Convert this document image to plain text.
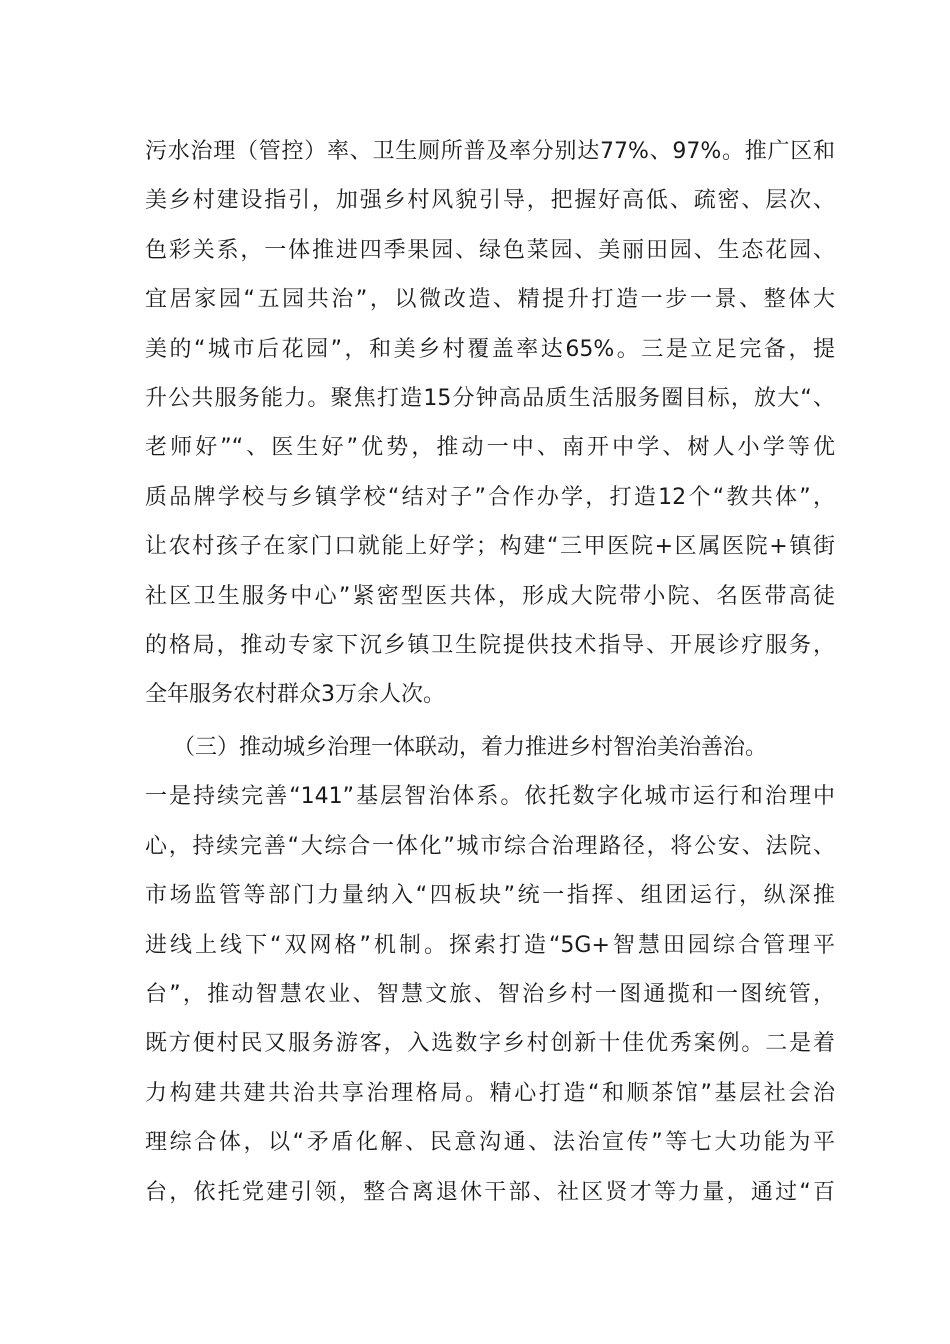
污水治理（管控）率、卫生厕所普及率分别达77%、97%。推广区和
美乡村建设指引，加强乡村风貌引导，把握好高低、疏密、层次、
色彩关系，一体推进四季果园、绿色菜园、美丽田园、生态花园、
宜居家园“五园共治”，以微改造、精提升打造一步一景、整体大
美的“城市后花园”，和美乡村覆盖率达65%。三是立足完备，提
升公共服务能力。聚焦打造15分钟高品质生活服务圈目标，放大“、
老师好”“、医生好”优势，推动一中、南开中学、树人小学等优
质品牌学校与乡镇学校“结对子”合作办学，打造12个“教共体”，
让农村孩子在家门口就能上好学；构建“三甲医院+区属医院+镇街
社区卫生服务中心”紧密型医共体，形成大院带小院、名医带高徒
的格局，推动专家下沉乡镇卫生院提供技术指导、开展诊疗服务，
全年服务农村群众3万余人次。
（三）推动城乡治理一体联动，着力推进乡村智治美治善治。
一是持续完善“141”基层智治体系。依托数字化城市运行和治理中
心，持续完善“大综合一体化”城市综合治理路径，将公安、法院、
市场监管等部门力量纳入“四板块”统一指挥、组团运行，纵深推
进线上线下“双网格”机制。探索打造“5G+智慧田园综合管理平
台”，推动智慧农业、智慧文旅、智治乡村一图通揽和一图统管，
既方便村民又服务游客，入选数字乡村创新十佳优秀案例。二是着
力构建共建共治共享治理格局。精心打造“和顺茶馆”基层社会治
理综合体，以“矛盾化解、民意沟通、法治宣传”等七大功能为平
台，依托党建引领，整合离退休干部、社区贤才等力量，通过“百
